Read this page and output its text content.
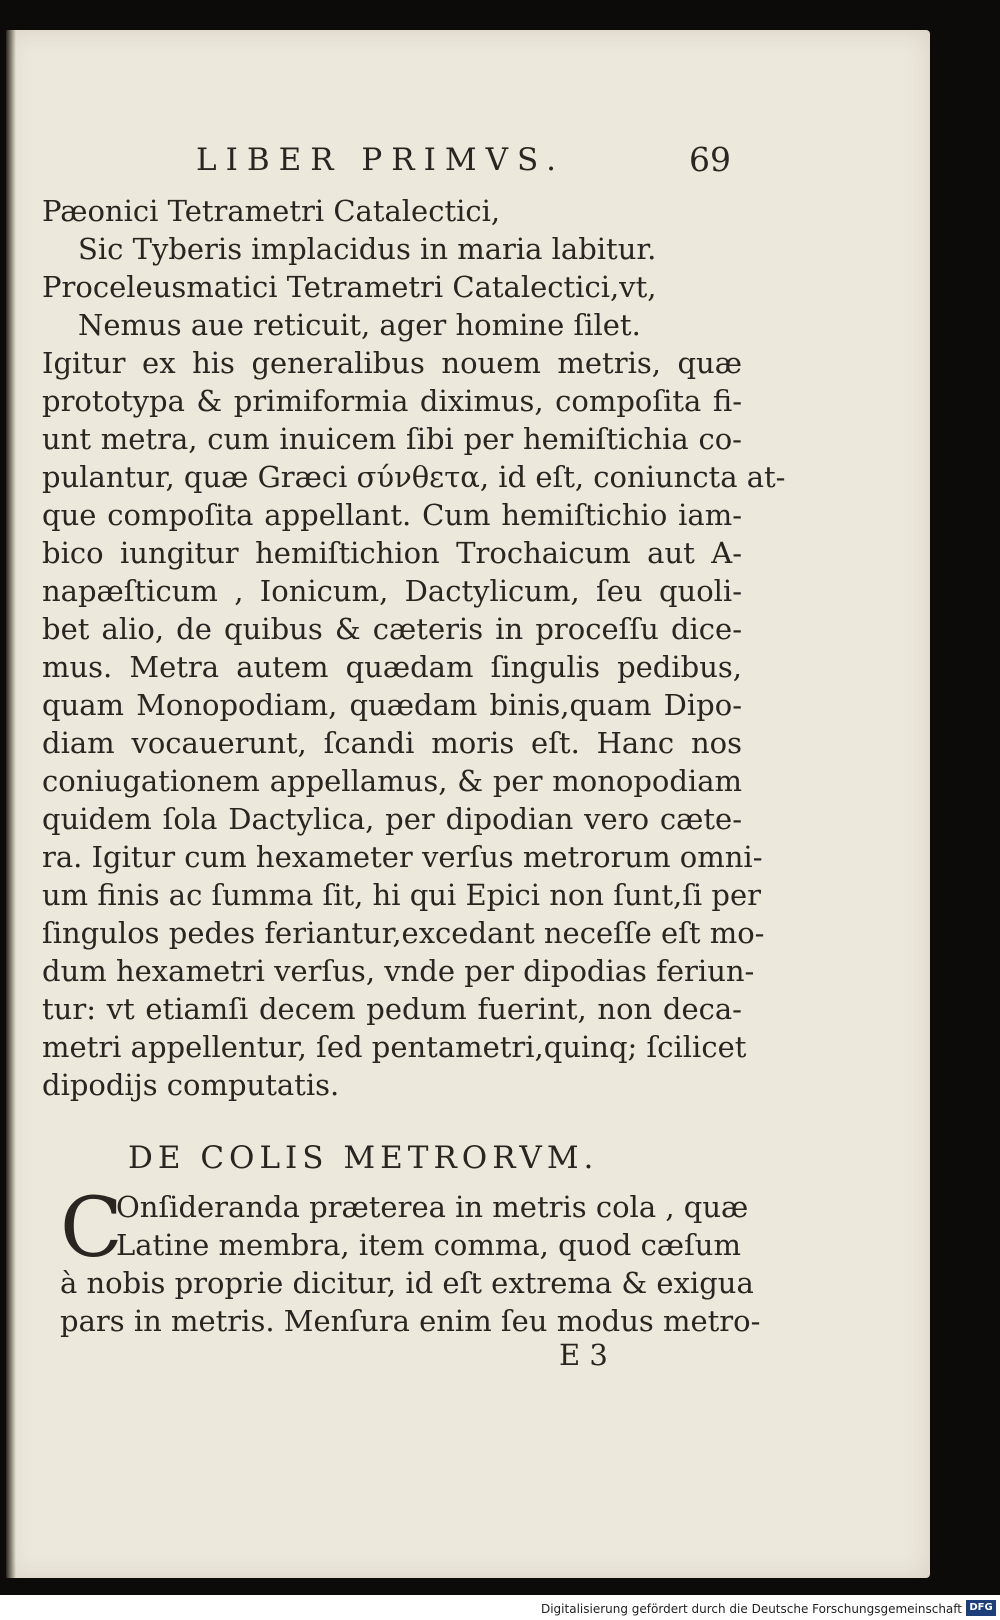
LIBER PRIMVS.	69
Pæonici Tetrametri Catalectici,
Sic Tyberis implacidus in maria labitur.
Proceleusmatici Tetrametri Catalectici,vt,
Nemus aue reticuit, ager homine ſilet.
Igitur ex his generalibus nouem metris, quæ
prototypa & primiformia diximus, compoſita fi-
unt metra, cum inuicem ſibi per hemiſtichia co-
pulantur, quæ Græci σύνθετα, id eſt, coniuncta at-
que compoſita appellant. Cum hemiſtichio iam-
bico iungitur hemiſtichion Trochaicum aut A-
napæſticum , Ionicum, Dactylicum, ſeu quoli-
bet alio, de quibus & cæteris in proceſſu dice-
mus. Metra autem quædam ſingulis pedibus,
quam Monopodiam, quædam binis,quam Dipo-
diam vocauerunt, ſcandi moris eſt. Hanc nos
coniugationem appellamus, & per monopodiam
quidem ſola Dactylica, per dipodian vero cæte-
ra. Igitur cum hexameter verſus metrorum omni-
um finis ac ſumma ſit, hi qui Epici non ſunt,ſi per
ſingulos pedes feriantur,excedant neceſſe eſt mo-
dum hexametri verſus, vnde per dipodias feriun-
tur: vt etiamſi decem pedum fuerint, non deca-
metri appellentur, ſed pentametri,quinq; ſcilicet
dipodijs computatis.
DE COLIS METRORVM.
C
Onſideranda præterea in metris cola , quæ
Latine membra, item comma, quod cæſum
à nobis proprie dicitur, id eſt extrema & exigua
pars in metris. Menſura enim ſeu modus metro-
E 3
Digitalisierung gefördert durch die Deutsche Forschungsgemeinschaft DFG
